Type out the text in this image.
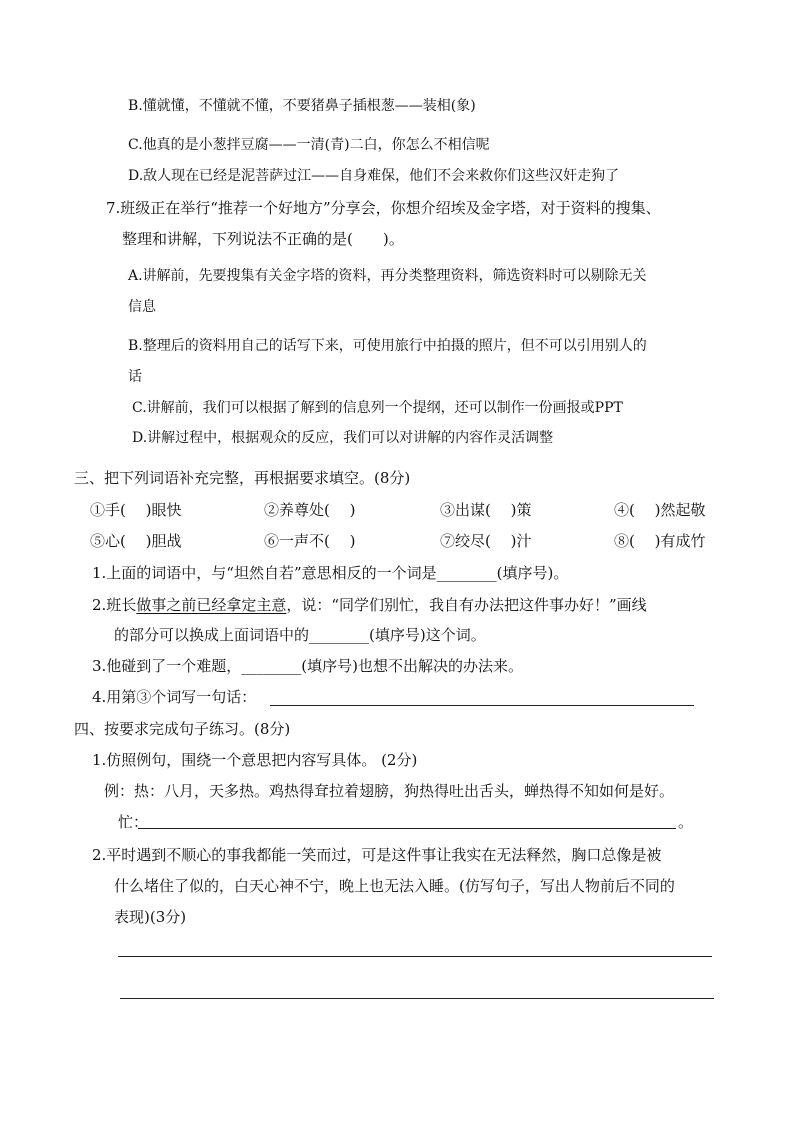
B.懂就懂，不懂就不懂，不要猪鼻子插根葱——装相(象)
C.他真的是小葱拌豆腐——一清(青)二白，你怎么不相信呢
D.敌人现在已经是泥菩萨过江——自身难保，他们不会来救你们这些汉奸走狗了
7.班级正在举行“推荐一个好地方”分享会，你想介绍埃及金字塔，对于资料的搜集、
整理和讲解，下列说法不正确的是(　　)。
A.讲解前，先要搜集有关金字塔的资料，再分类整理资料，筛选资料时可以剔除无关
信息
B.整理后的资料用自己的话写下来，可使用旅行中拍摄的照片，但不可以引用别人的
话
C.讲解前，我们可以根据了解到的信息列一个提纲，还可以制作一份画报或PPT
D.讲解过程中，根据观众的反应，我们可以对讲解的内容作灵活调整
三、把下列词语补充完整，再根据要求填空。(8分)
①手(　 )眼快	②养尊处(　 )	③出谋(　 )策	④(　 )然起敬
⑤心(　 )胆战	⑥一声不(　 )	⑦绞尽(　 )汁	⑧(　 )有成竹
1.上面的词语中，与“坦然自若”意思相反的一个词是________(填序号)。
2.班长做事之前已经拿定主意，说：“同学们别忙，我自有办法把这件事办好！”画线
的部分可以换成上面词语中的________(填序号)这个词。
3.他碰到了一个难题，________(填序号)也想不出解决的办法来。
4.用第③个词写一句话：
四、按要求完成句子练习。(8分)
1.仿照例句，围绕一个意思把内容写具体。 (2分)
例：热：八月，天多热。鸡热得耷拉着翅膀，狗热得吐出舌头，蝉热得不知如何是好。
忙：	。
2.平时遇到不顺心的事我都能一笑而过，可是这件事让我实在无法释然，胸口总像是被
什么堵住了似的，白天心神不宁，晚上也无法入睡。(仿写句子，写出人物前后不同的
表现)(3分)
